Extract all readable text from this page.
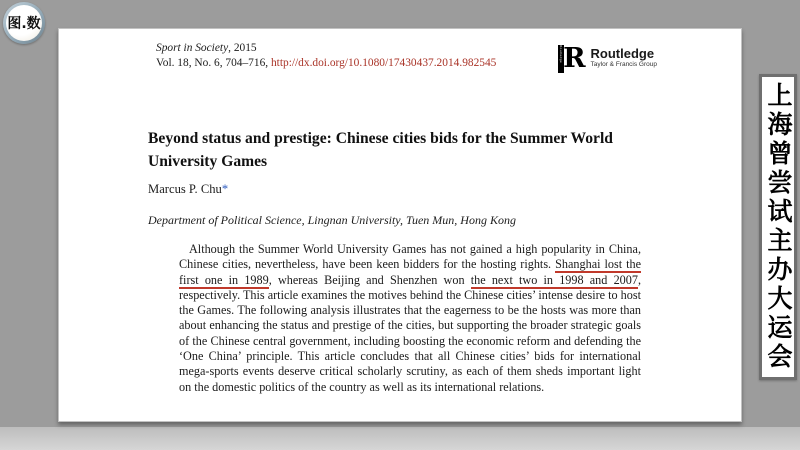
Sport in Society, 2015
Vol. 18, No. 6, 704–716, http://dx.doi.org/10.1080/17430437.2014.982545	Routledge R Routledge
Taylor & Francis Group
Beyond status and prestige: Chinese cities bids for the Summer World University Games
Marcus P. Chu*
Department of Political Science, Lingnan University, Tuen Mun, Hong Kong

Although the Summer World University Games has not gained a high popularity in China, Chinese cities, nevertheless, have been keen bidders for the hosting rights. Shanghai lost the first one in 1989, whereas Beijing and Shenzhen won the next two in 1998 and 2007, respectively. This article examines the motives behind the Chinese cities’ intense desire to host the Games. The following analysis illustrates that the eagerness to be the hosts was more than about enhancing the status and prestige of the cities, but supporting the broader strategic goals of the Chinese central government, including boosting the economic reform and defending the ‘One China’ principle. This article concludes that all Chinese cities’ bids for international mega-sports events deserve critical scholarly scrutiny, as each of them sheds important light on the domestic politics of the country as well as its international relations.

图.数
上海曾尝试主办大运会
